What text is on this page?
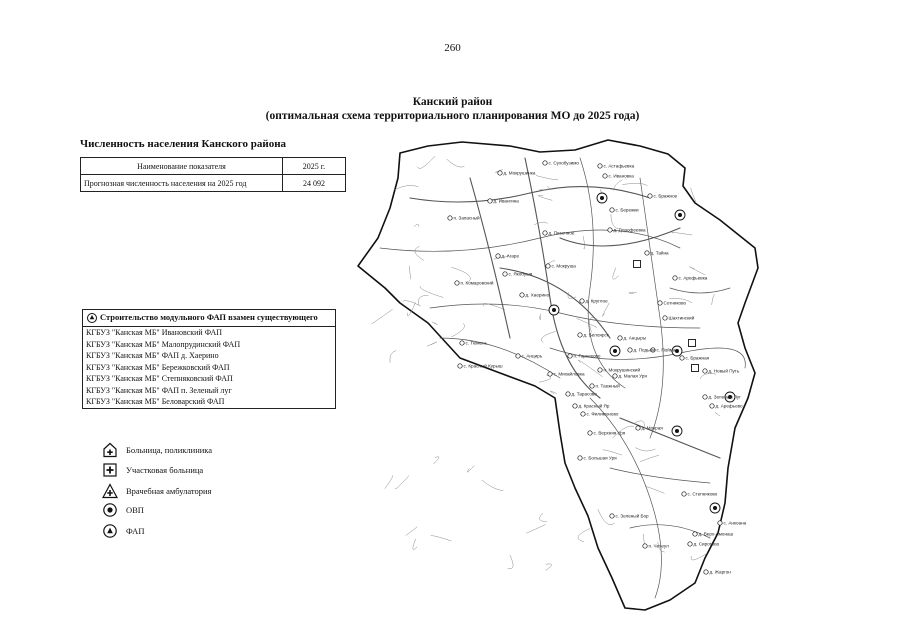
260
Канский район
(оптимальная схема территориального планирования МО до 2025 года)
Численность населения Канского района
Наименование показателя	2025 г.
Прогнозная численность населения на 2025 год	24 092
Строительство модульного ФАП взамен существующего
КГБУЗ "Канская МБ" Ивановский ФАП
КГБУЗ "Канская МБ" Малопрудинский ФАП
КГБУЗ "Канская МБ" ФАП д. Хаерино
КГБУЗ "Канская МБ" Бережковский ФАП
КГБУЗ "Канская МБ" Степняковский ФАП
КГБУЗ "Канская МБ" ФАП п. Зеленый луг
КГБУЗ "Канская МБ" Беловарский ФАП
Больница, поликлиника
Участковая больница
Врачебная амбулатория
ОВП
ФАП
с. Сухобузимо
д. Мокрушинка
с. Астафьевка
с. Ивановка
д. Ивангина
с. Бережки
с. Бражное
п. Запасный
д. Песочное
д. Дорофеевка
д. Агаре
д. Тайна
с. Мокруша
с. Якобуши
с. Арефьевка
п. Комаровский
д. Хаерино
д. Круглое	Сотниково
Шахтинский
с. Тюмень
д. Белоярск
д. Анцыры
с. Пойма
с. Красный Курыш
с. Анцирь	п. Горнеково
д. Подьём
с. Бражная
п. Мокрушинский
д. Малая Уря
с. Михайловка
п. Таежный
д. Красный Яр
д. Новый Путь
д. Зеленый Луг
д. Арефьево
с. Филимоново
д. Мокрая
д. Тарасово
с. Большая Уря
с. Степняково
с. Зеленый Бор
с. Анкоана
д. Верх-Амонаш
д. Сиротово
п. Чечеул
д. Жаргон
с. Верхняя Уря
